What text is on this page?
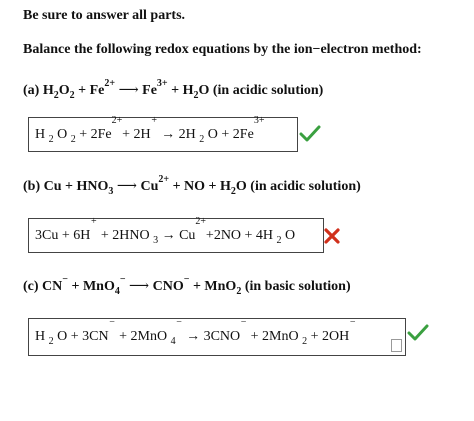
Be sure to answer all parts.
Balance the following redox equations by the ion−electron method:
(a) $H_2O_2 + Fe^{2+}$ ⟶ $Fe^{3+} + H_2O$ (in acidic solution)
H $_2$ O $_2$ + 2Fe
2+
+ 2H
+
→ 2H $_2$ O + 2Fe
3+

(b) $Cu + HNO_3$ ⟶ $Cu^{2+}$ + NO + $H_2O$ (in acidic solution)
3Cu + 6H
+
+ 2HNO $_3$ → Cu
2+
+2NO + 4H $_2$ O
(c) CN− + MnO$_4$− ⟶ CNO− + MnO$_2$ (in basic solution)
H $_2$ O + 3CN
−
+ 2MnO $_4$
−
→ 3CNO
−
+ 2MnO $_2$ + 2OH
−
